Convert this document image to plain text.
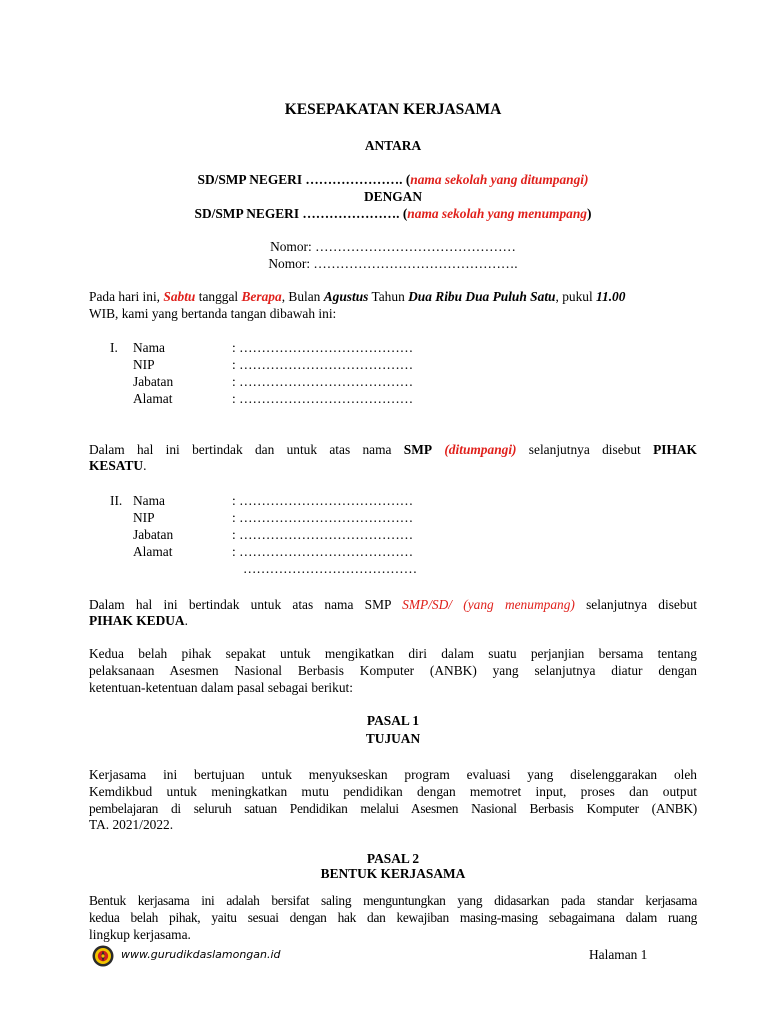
KESEPAKATAN KERJASAMA
ANTARA
SD/SMP NEGERI …………………. (nama sekolah yang ditumpangi)
DENGAN
SD/SMP NEGERI …………………. (nama sekolah yang menumpang)
Nomor: ………………………………………
Nomor: ……………………………………….
Pada hari ini, Sabtu tanggal Berapa, Bulan Agustus Tahun Dua Ribu Dua Puluh Satu, pukul 11.00
WIB, kami yang bertanda tangan dibawah ini:
I. Nama	: …………………………………
NIP	: …………………………………
Jabatan	: …………………………………
Alamat	: …………………………………
Dalam hal ini bertindak dan untuk atas nama SMP (ditumpangi) selanjutnya disebut PIHAK
KESATU.
II. Nama	: …………………………………
NIP	: …………………………………
Jabatan	: …………………………………
Alamat	: …………………………………
…………………………………
Dalam hal ini bertindak untuk atas nama SMP SMP/SD/ (yang menumpang) selanjutnya disebut
PIHAK KEDUA.
Kedua belah pihak sepakat untuk mengikatkan diri dalam suatu perjanjian bersama tentang
pelaksanaan Asesmen Nasional Berbasis Komputer (ANBK) yang selanjutnya diatur dengan
ketentuan-ketentuan dalam pasal sebagai berikut:
PASAL 1
TUJUAN
Kerjasama ini bertujuan untuk menyukseskan program evaluasi yang diselenggarakan oleh
Kemdikbud untuk meningkatkan mutu pendidikan dengan memotret input, proses dan output
pembelajaran di seluruh satuan Pendidikan melalui Asesmen Nasional Berbasis Komputer (ANBK)
TA. 2021/2022.
PASAL 2
BENTUK KERJASAMA
Bentuk kerjasama ini adalah bersifat saling menguntungkan yang didasarkan pada standar kerjasama
kedua belah pihak, yaitu sesuai dengan hak dan kewajiban masing-masing sebagaimana dalam ruang
lingkup kerjasama.
www.gurudikdaslamongan.id	Halaman 1
